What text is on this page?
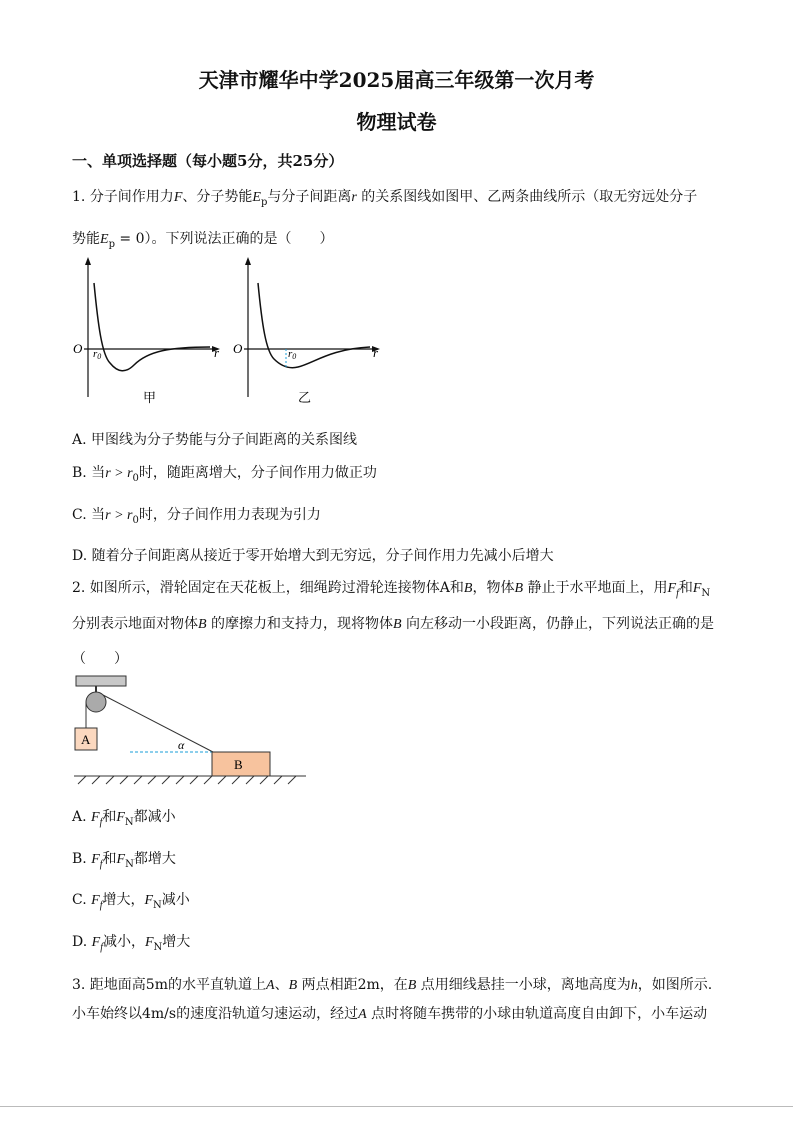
天津市耀华中学2025届高三年级第一次月考
物理试卷
一、单项选择题（每小题5分，共25分）
1. 分子间作用力F、分子势能$E_p$与分子间距离r 的关系图线如图甲、乙两条曲线所示（取无穷远处分子
势能$E_p = 0$）。下列说法正确的是（　　）
O	r
r0
甲
O	r
r0
乙
A. 甲图线为分子势能与分子间距离的关系图线
B. 当$r > r_0$时，随距离增大，分子间作用力做正功
C. 当$r > r_0$时，分子间作用力表现为引力
D. 随着分子间距离从接近于零开始增大到无穷远，分子间作用力先减小后增大
2. 如图所示，滑轮固定在天花板上，细绳跨过滑轮连接物体A和B，物体B 静止于水平地面上，用$F_f$和$F_N$
分别表示地面对物体B 的摩擦力和支持力，现将物体B 向左移动一小段距离，仍静止，下列说法正确的是
（　　）
A	α
B
A. $F_f$和$F_N$都减小
B. $F_f$和$F_N$都增大
C. $F_f$增大，$F_N$减小
D. $F_f$减小，$F_N$增大
3. 距地面高5m的水平直轨道上A、B 两点相距2m，在B 点用细线悬挂一小球，离地高度为h，如图所示.
小车始终以4m/s的速度沿轨道匀速运动，经过A 点时将随车携带的小球由轨道高度自由卸下，小车运动
